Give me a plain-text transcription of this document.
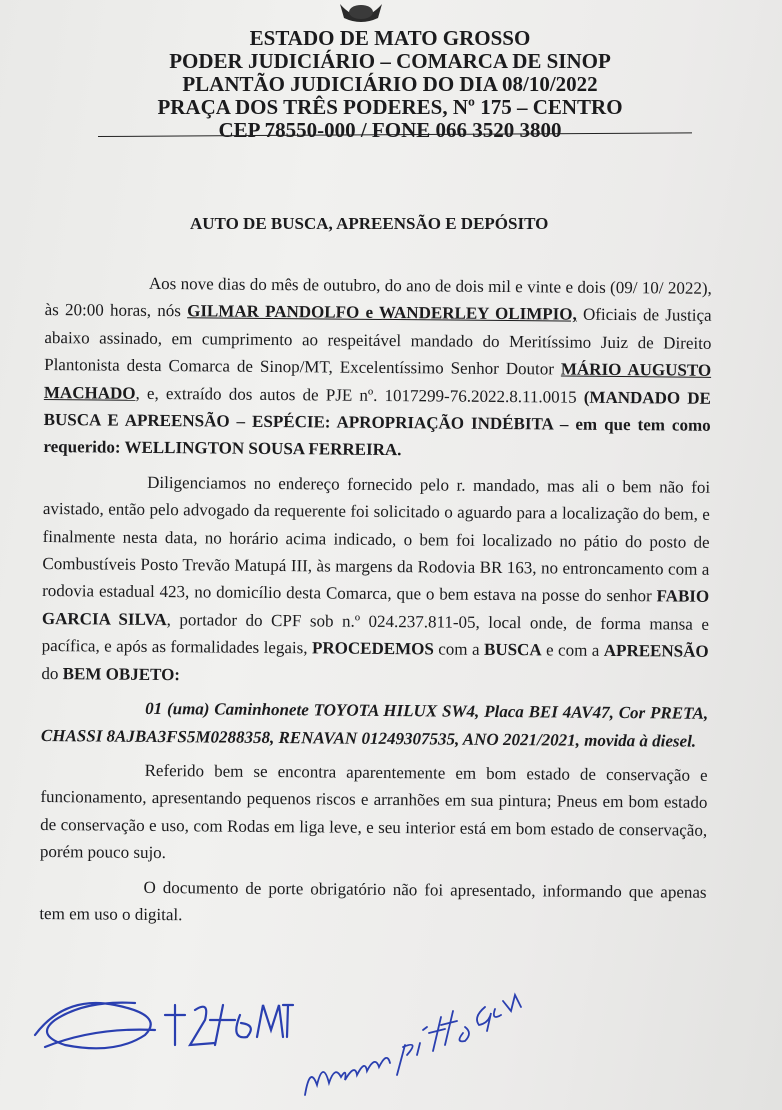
ESTADO DE MATO GROSSO
PODER JUDICIÁRIO – COMARCA DE SINOP
PLANTÃO JUDICIÁRIO DO DIA 08/10/2022
PRAÇA DOS TRÊS PODERES, Nº 175 – CENTRO
CEP 78550-000 / FONE 066 3520 3800
AUTO DE BUSCA, APREENSÃO E DEPÓSITO

Aos nove dias do mês de outubro, do ano de dois mil e vinte e dois (09/ 10/ 2022), às 20:00 horas, nós GILMAR PANDOLFO e WANDERLEY OLIMPIO, Oficiais de Justiça abaixo assinado, em cumprimento ao respeitável mandado do Meritíssimo Juiz de Direito Plantonista desta Comarca de Sinop/MT, Excelentíssimo Senhor Doutor MÁRIO AUGUSTO MACHADO, e, extraído dos autos de PJE nº. 1017299-76.2022.8.11.0015 (MANDADO DE BUSCA E APREENSÃO – ESPÉCIE: APROPRIAÇÃO INDÉBITA – em que tem como requerido: WELLINGTON SOUSA FERREIRA.

Diligenciamos no endereço fornecido pelo r. mandado, mas ali o bem não foi avistado, então pelo advogado da requerente foi solicitado o aguardo para a localização do bem, e finalmente nesta data, no horário acima indicado, o bem foi localizado no pátio do posto de Combustíveis Posto Trevão Matupá III, às margens da Rodovia BR 163, no entroncamento com a rodovia estadual 423, no domicílio desta Comarca, que o bem estava na posse do senhor FABIO GARCIA SILVA, portador do CPF sob n.º 024.237.811-05, local onde, de forma mansa e pacífica, e após as formalidades legais, PROCEDEMOS com a BUSCA e com a APREENSÃO do BEM OBJETO:

01 (uma) Caminhonete TOYOTA HILUX SW4, Placa BEI 4AV47, Cor PRETA, CHASSI 8AJBA3FS5M0288358, RENAVAN 01249307535, ANO 2021/2021, movida à diesel.

Referido bem se encontra aparentemente em bom estado de conservação e funcionamento, apresentando pequenos riscos e arranhões em sua pintura; Pneus em bom estado de conservação e uso, com Rodas em liga leve, e seu interior está em bom estado de conservação, porém pouco sujo.

O documento de porte obrigatório não foi apresentado, informando que apenas tem em uso o digital.
